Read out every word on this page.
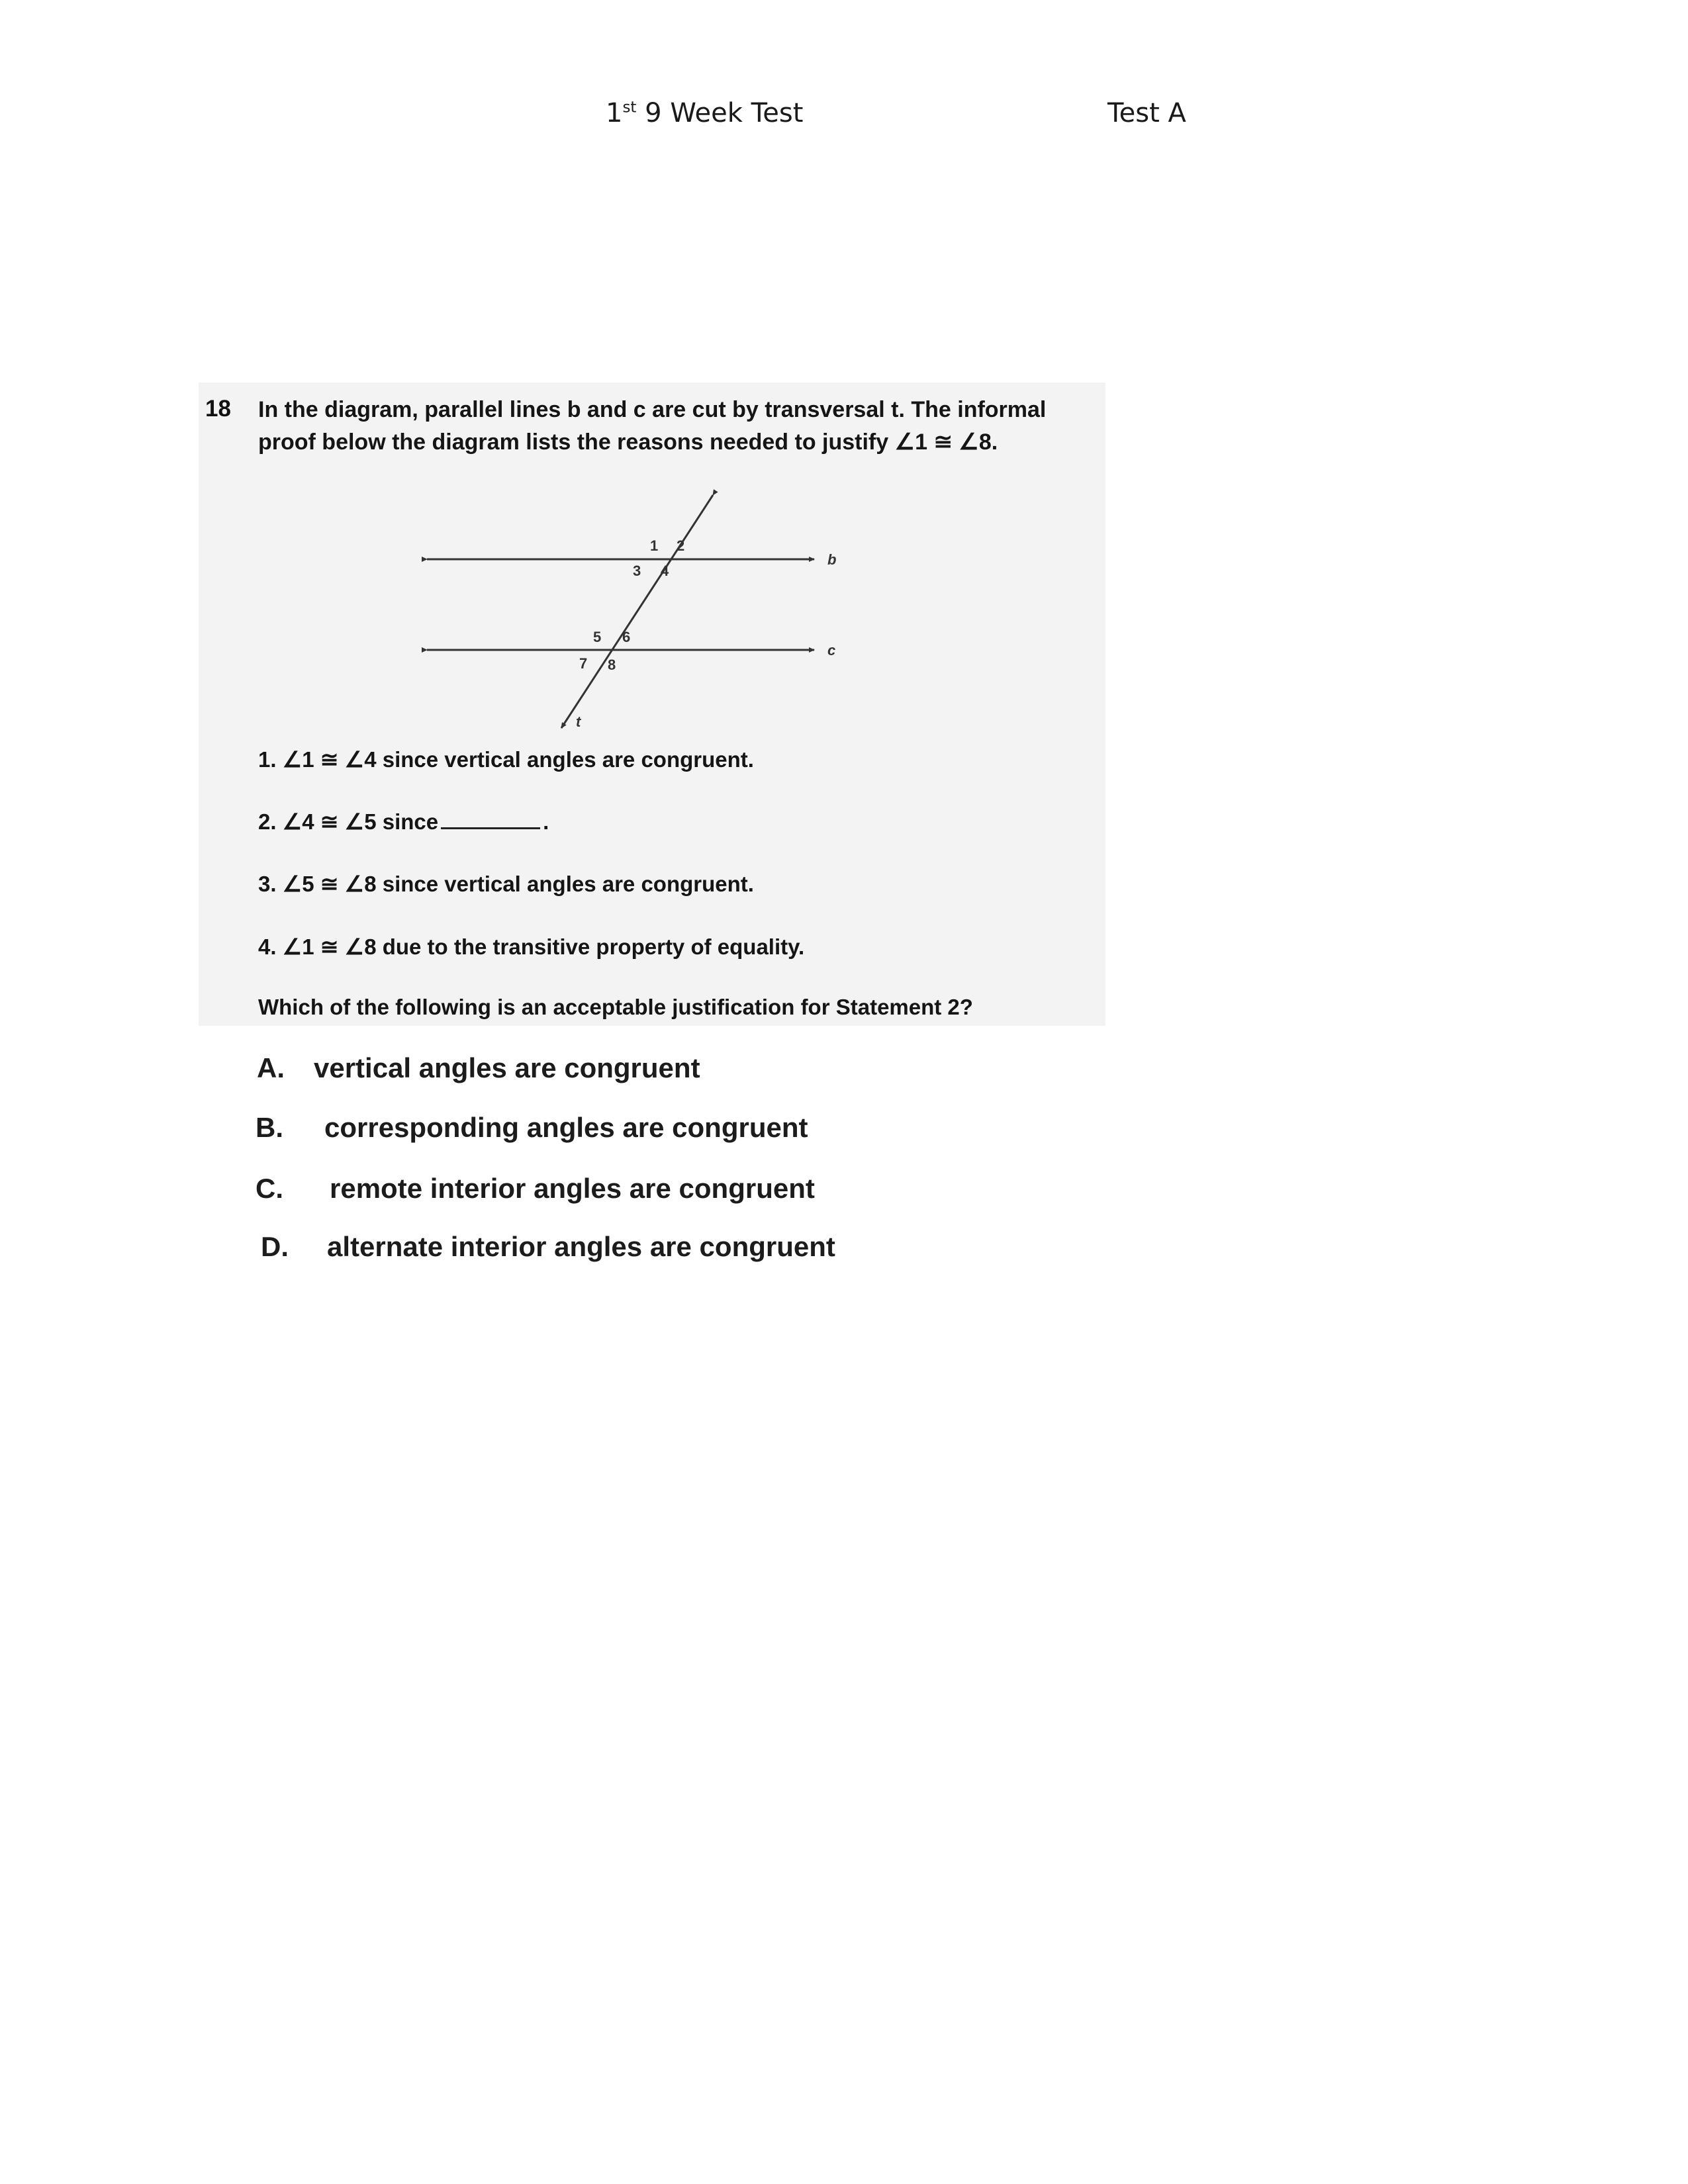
1st 9 Week Test	Test A
18 In the diagram, parallel lines b and c are cut by transversal t. The informal
proof below the diagram lists the reasons needed to justify ∠1 ≅ ∠8.
1 2
3 4
5 6
7 8
b
c
t
1. ∠1 ≅ ∠4 since vertical angles are congruent.
2. ∠4 ≅ ∠5 since	.
3. ∠5 ≅ ∠8 since vertical angles are congruent.
4. ∠1 ≅ ∠8 due to the transitive property of equality.
Which of the following is an acceptable justification for Statement 2?
A. vertical angles are congruent
B. corresponding angles are congruent
C. remote interior angles are congruent
D. alternate interior angles are congruent
